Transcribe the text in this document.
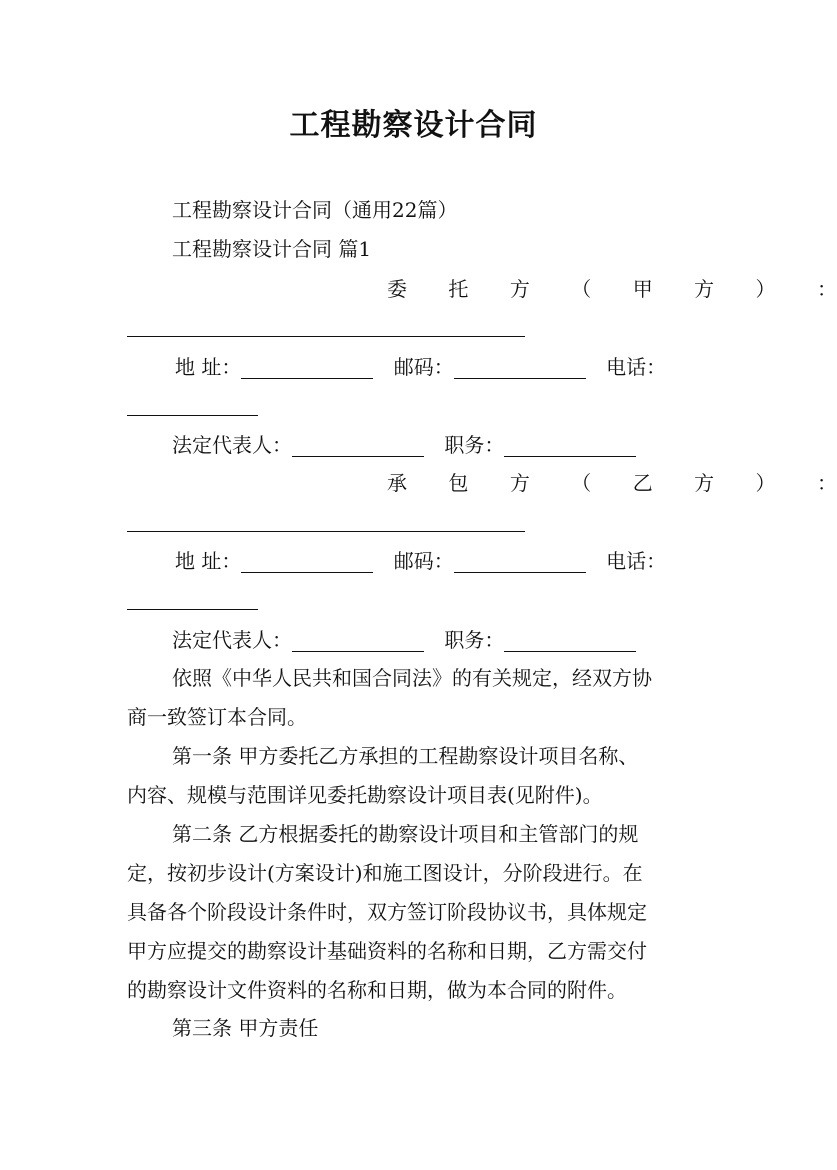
工程勘察设计合同
工程勘察设计合同（通用22篇）
工程勘察设计合同 篇1
委 托 方 （ 甲 方 ） ：
地 址：	邮码：	电话：
法定代表人：	职务：
承 包 方 （ 乙 方 ） ：
地 址：	邮码：	电话：
法定代表人：	职务：
依照《中华人民共和国合同法》的有关规定，经双方协
商一致签订本合同。
第一条 甲方委托乙方承担的工程勘察设计项目名称、
内容、规模与范围详见委托勘察设计项目表(见附件)。
第二条 乙方根据委托的勘察设计项目和主管部门的规
定，按初步设计(方案设计)和施工图设计，分阶段进行。在
具备各个阶段设计条件时，双方签订阶段协议书，具体规定
甲方应提交的勘察设计基础资料的名称和日期，乙方需交付
的勘察设计文件资料的名称和日期，做为本合同的附件。
第三条 甲方责任
